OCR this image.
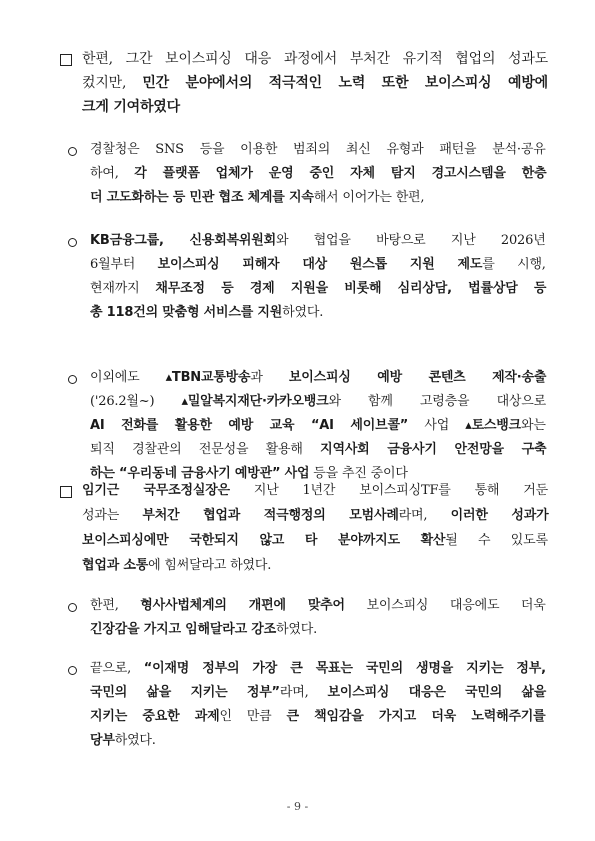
한편, 그간 보이스피싱 대응 과정에서 부처간 유기적 협업의 성과도
컸지만, 민간 분야에서의 적극적인 노력 또한 보이스피싱 예방에
크게 기여하였다
경찰청은 SNS 등을 이용한 범죄의 최신 유형과 패턴을 분석·공유
하여, 각 플랫폼 업체가 운영 중인 자체 탐지 경고시스템을 한층
더 고도화하는 등 민관 협조 체계를 지속해서 이어가는 한편,
KB금융그룹, 신용회복위원회와 협업을 바탕으로 지난 2026년
6월부터 보이스피싱 피해자 대상 원스톱 지원 제도를 시행,
현재까지 채무조정 등 경제 지원을 비롯해 심리상담, 법률상담 등
총 118건의 맞춤형 서비스를 지원하였다.
이외에도 ▴TBN교통방송과 보이스피싱 예방 콘텐츠 제작·송출
('26.2월~) ▴밀알복지재단·카카오뱅크와 함께 고령층을 대상으로
AI 전화를 활용한 예방 교육 “AI 세이브콜” 사업 ▴토스뱅크와는
퇴직 경찰관의 전문성을 활용해 지역사회 금융사기 안전망을 구축
하는 “우리동네 금융사기 예방관” 사업 등을 추진 중이다
임기근 국무조정실장은 지난 1년간 보이스피싱TF를 통해 거둔
성과는 부처간 협업과 적극행정의 모범사례라며, 이러한 성과가
보이스피싱에만 국한되지 않고 타 분야까지도 확산될 수 있도록
협업과 소통에 힘써달라고 하였다.
한편, 형사사법체계의 개편에 맞추어 보이스피싱 대응에도 더욱
긴장감을 가지고 임해달라고 강조하였다.
끝으로, “이재명 정부의 가장 큰 목표는 국민의 생명을 지키는 정부,
국민의 삶을 지키는 정부”라며, 보이스피싱 대응은 국민의 삶을
지키는 중요한 과제인 만큼 큰 책임감을 가지고 더욱 노력해주기를
당부하였다.
- 9 -
